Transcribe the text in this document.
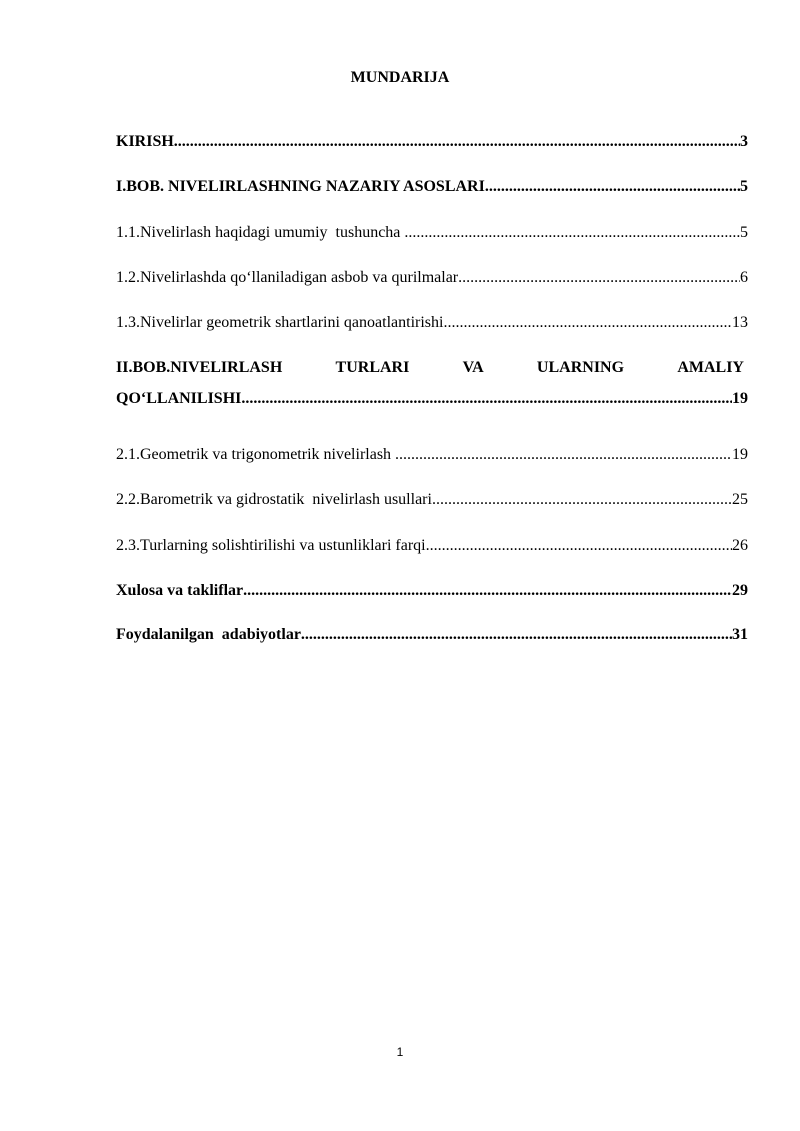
MUNDARIJA
KIRISH .....	3
I.BOB. NIVELIRLASHNING NAZARIY ASOSLARI .....	5
1.1.Nivelirlash haqidagi umumiy  tushuncha .....	5
1.2.Nivelirlashda qo‘llaniladigan asbob va qurilmalar .....	6
1.3.Nivelirlar geometrik shartlarini qanoatlantirishi .....	13
II.BOB.NIVELIRLASH	TURLARI	VA	ULARNING	AMALIY
QO‘LLANILISHI .....	19
2.1.Geometrik va trigonometrik nivelirlash .....	19
2.2.Barometrik va gidrostatik  nivelirlash usullari .....	25
2.3.Turlarning solishtirilishi va ustunliklari farqi .....	26
Xulosa va takliflar .....	29
Foydalanilgan  adabiyotlar .....	31
1
